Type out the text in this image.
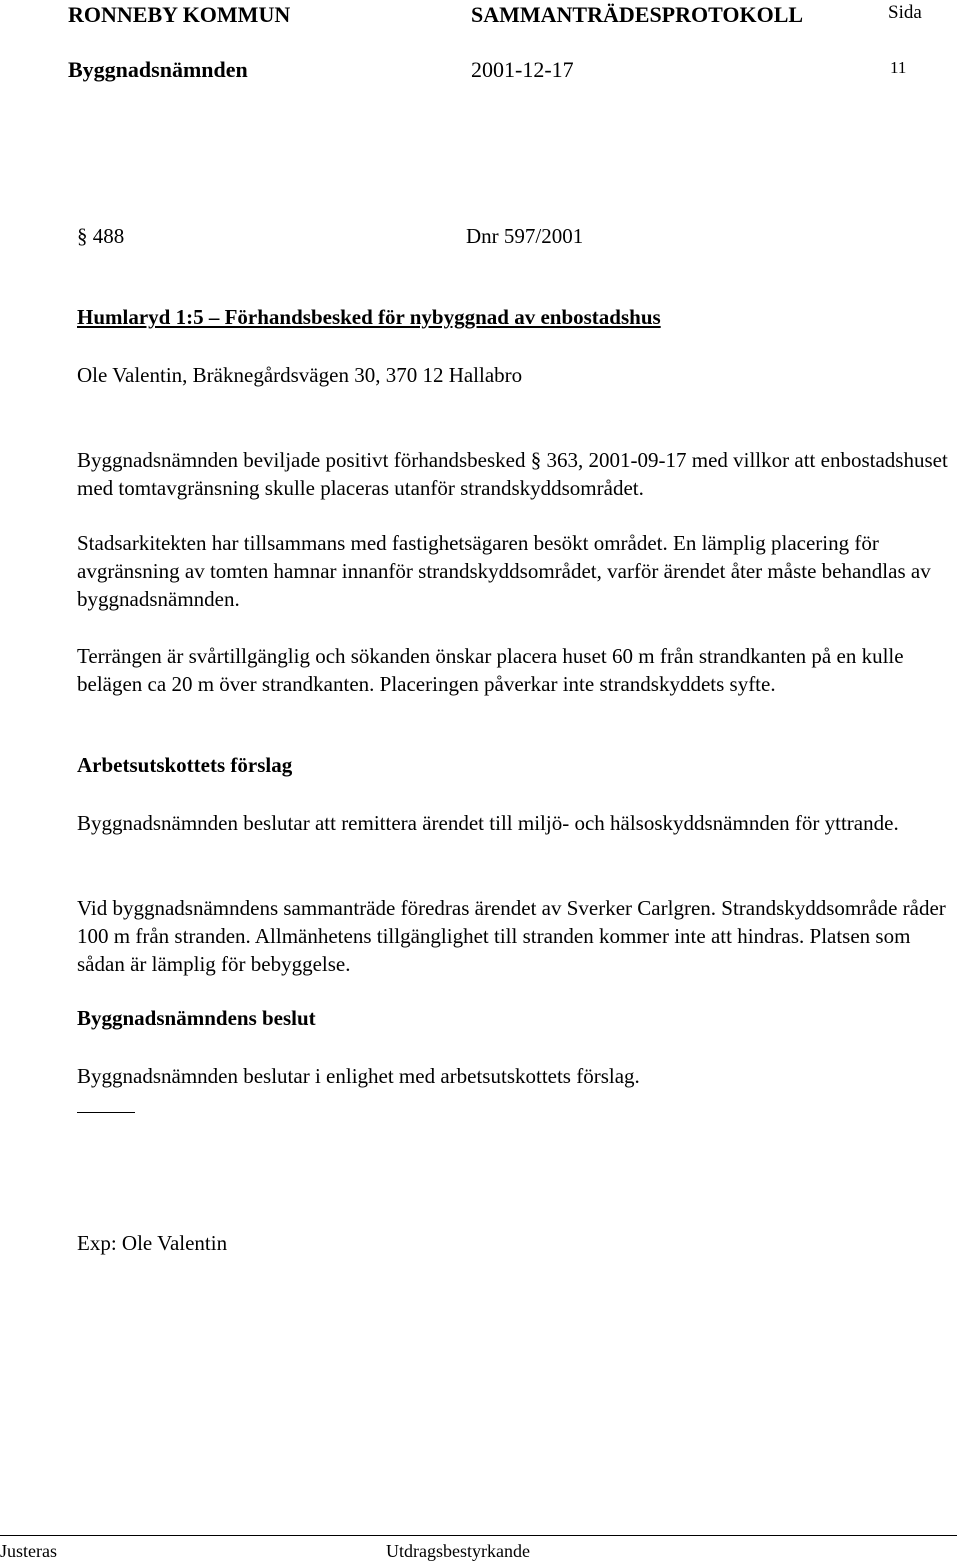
RONNEBY KOMMUN	SAMMANTRÄDESPROTOKOLL	Sida
Byggnadsnämnden	2001-12-17	11
§ 488	Dnr 597/2001
Humlaryd 1:5 – Förhandsbesked för nybyggnad av enbostadshus
Ole Valentin, Bräknegårdsvägen 30, 370 12 Hallabro
Byggnadsnämnden beviljade positivt förhandsbesked § 363, 2001-09-17 med villkor att enbostadshuset med tomtavgränsning skulle placeras utanför strandskyddsområdet.
Stadsarkitekten har tillsammans med fastighetsägaren besökt området. En lämplig placering för avgränsning av tomten hamnar innanför strandskyddsområdet, varför ärendet åter måste behandlas av byggnadsnämnden.
Terrängen är svårtillgänglig och sökanden önskar placera huset 60 m från strandkanten på en kulle belägen ca 20 m över strandkanten. Placeringen påverkar inte strandskyddets syfte.
Arbetsutskottets förslag
Byggnadsnämnden beslutar att remittera ärendet till miljö- och hälsoskyddsnämnden för yttrande.
Vid byggnadsnämndens sammanträde föredras ärendet av Sverker Carlgren. Strandskyddsområde råder 100 m från stranden. Allmänhetens tillgänglighet till stranden kommer inte att hindras. Platsen som sådan är lämplig för bebyggelse.
Byggnadsnämndens beslut
Byggnadsnämnden beslutar i enlighet med arbetsutskottets förslag.
Exp: Ole Valentin
Justeras	Utdragsbestyrkande
